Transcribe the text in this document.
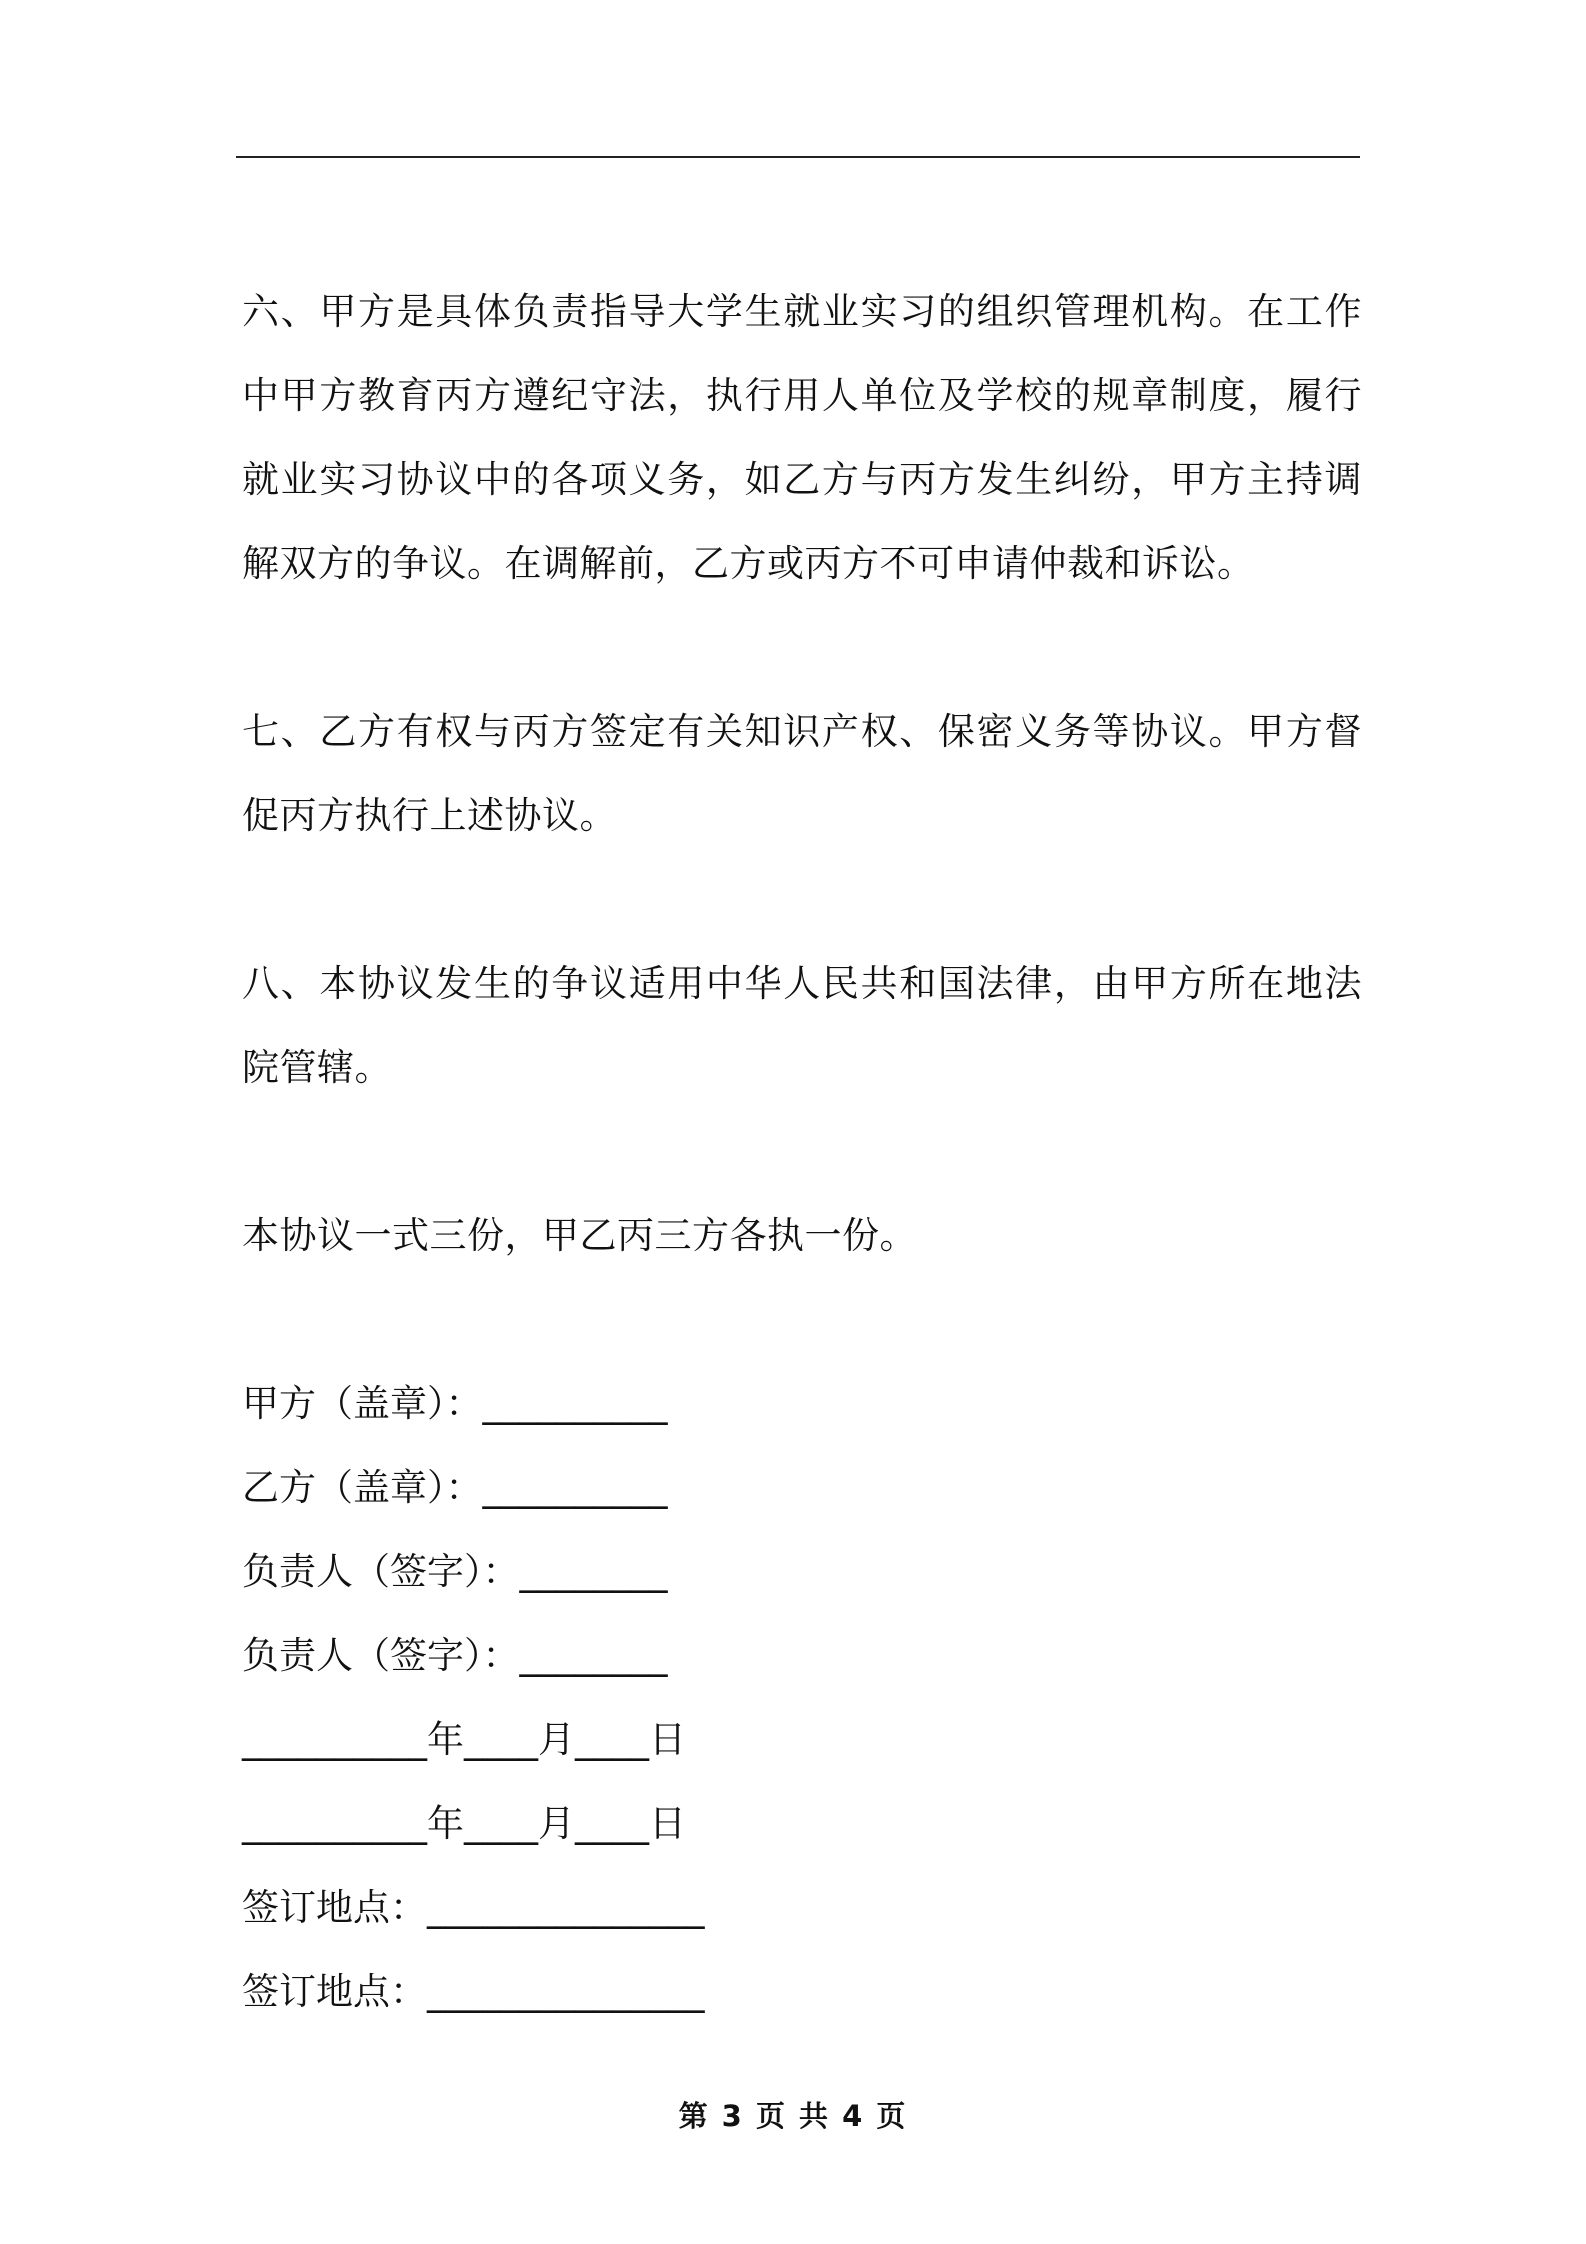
六、甲方是具体负责指导大学生就业实习的组织管理机构。在工作中甲方教育丙方遵纪守法，执行用人单位及学校的规章制度，履行就业实习协议中的各项义务，如乙方与丙方发生纠纷，甲方主持调解双方的争议。在调解前，乙方或丙方不可申请仲裁和诉讼。

七、乙方有权与丙方签定有关知识产权、保密义务等协议。甲方督促丙方执行上述协议。

八、本协议发生的争议适用中华人民共和国法律，由甲方所在地法院管辖。

本协议一式三份，甲乙丙三方各执一份。

甲方（盖章）：__________

乙方（盖章）：__________

负责人（签字）：________

负责人（签字）：________

__________年____月____日

__________年____月____日

签订地点：_______________

签订地点：_______________

第 3 页 共 4 页
